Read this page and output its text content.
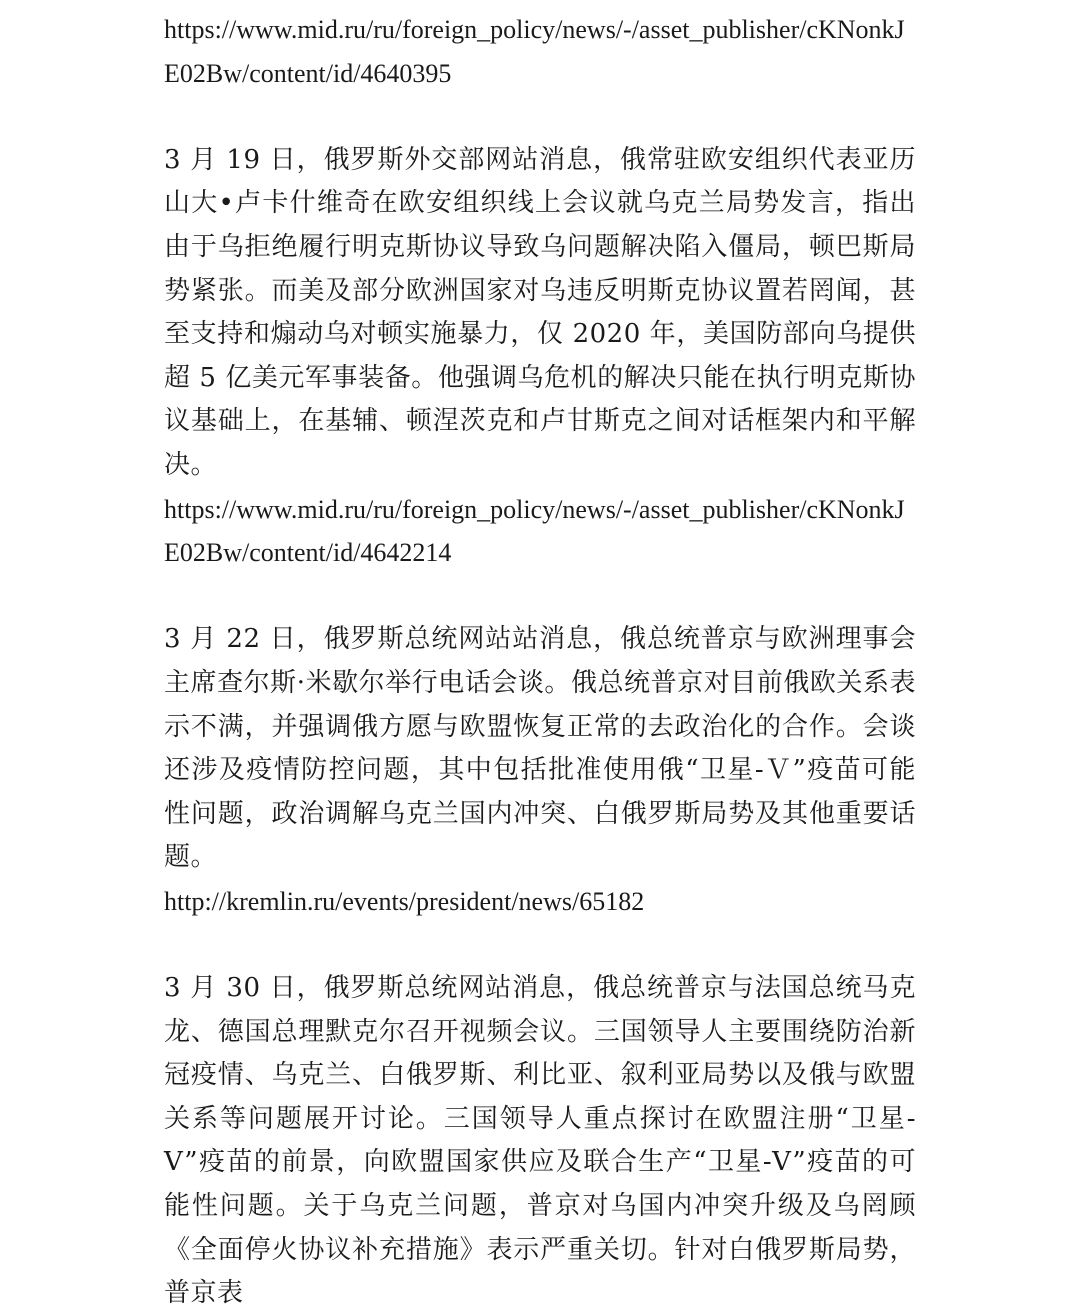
https://www.mid.ru/ru/foreign_policy/news/-/asset_publisher/cKNonkJE02Bw/content/id/4640395

3 月 19 日，俄罗斯外交部网站消息，俄常驻欧安组织代表亚历山大•卢卡什维奇在欧安组织线上会议就乌克兰局势发言，指出由于乌拒绝履行明克斯协议导致乌问题解决陷入僵局，顿巴斯局势紧张。而美及部分欧洲国家对乌违反明斯克协议置若罔闻，甚至支持和煽动乌对顿实施暴力，仅 2020 年，美国防部向乌提供超 5 亿美元军事装备。他强调乌危机的解决只能在执行明克斯协议基础上，在基辅、顿涅茨克和卢甘斯克之间对话框架内和平解决。

https://www.mid.ru/ru/foreign_policy/news/-/asset_publisher/cKNonkJE02Bw/content/id/4642214

3 月 22 日，俄罗斯总统网站站消息，俄总统普京与欧洲理事会主席查尔斯·米歇尔举行电话会谈。俄总统普京对目前俄欧关系表示不满，并强调俄方愿与欧盟恢复正常的去政治化的合作。会谈还涉及疫情防控问题，其中包括批准使用俄“卫星-Ｖ”疫苗可能性问题，政治调解乌克兰国内冲突、白俄罗斯局势及其他重要话题。

http://kremlin.ru/events/president/news/65182

3 月 30 日，俄罗斯总统网站消息，俄总统普京与法国总统马克龙、德国总理默克尔召开视频会议。三国领导人主要围绕防治新冠疫情、乌克兰、白俄罗斯、利比亚、叙利亚局势以及俄与欧盟关系等问题展开讨论。三国领导人重点探讨在欧盟注册“卫星-V”疫苗的前景，向欧盟国家供应及联合生产“卫星-V”疫苗的可能性问题。关于乌克兰问题，普京对乌国内冲突升级及乌罔顾《全面停火协议补充措施》表示严重关切。针对白俄罗斯局势，普京表
